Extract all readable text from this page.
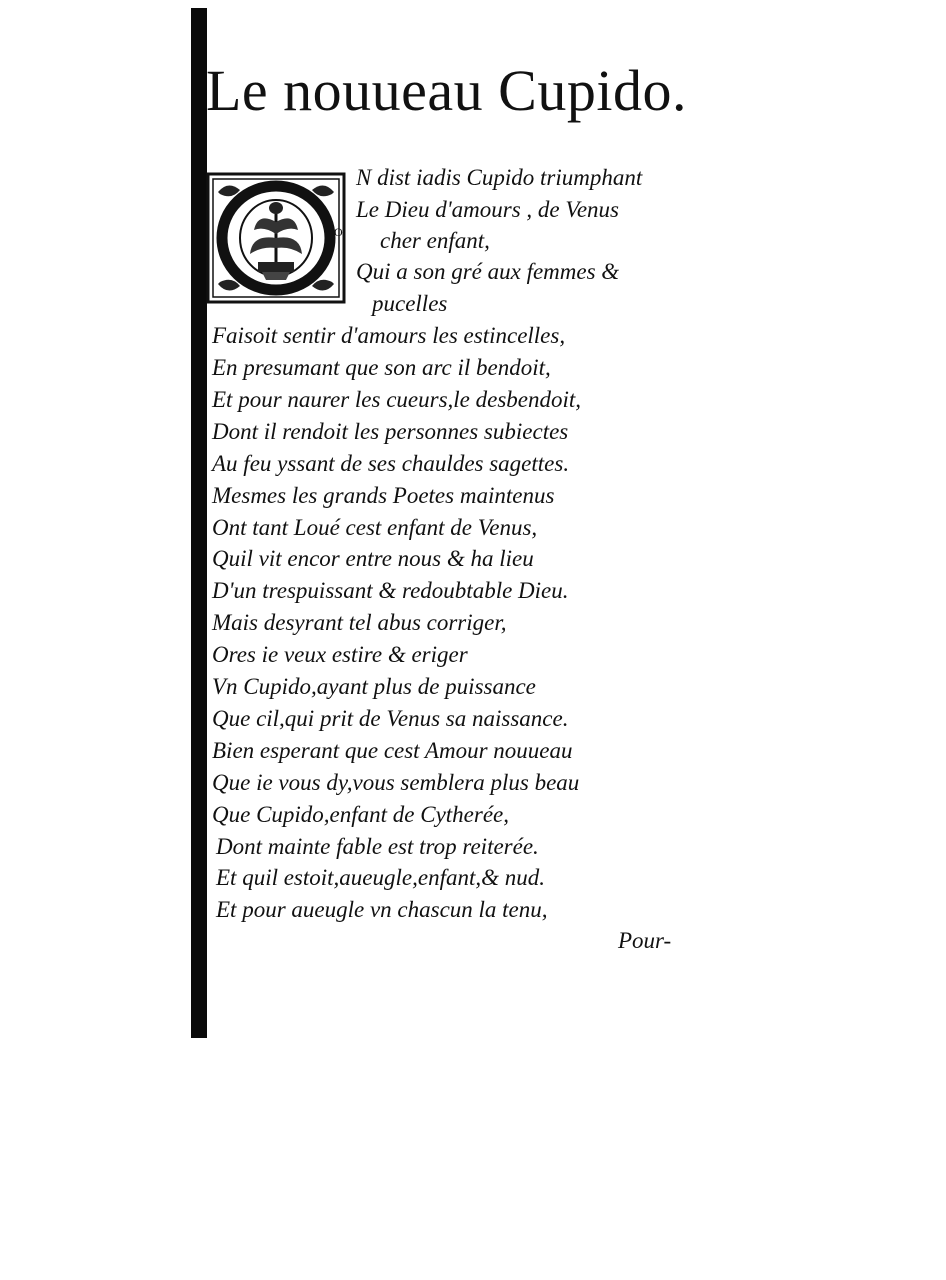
Le nouueau Cupido.
O
N dist iadis Cupido triumphant
Le Dieu d'amours , de Venus
cher enfant,
Qui a son gré aux femmes &
pucelles
Faisoit sentir d'amours les estincelles,
En presumant que son arc il bendoit,
Et pour naurer les cueurs,le desbendoit,
Dont il rendoit les personnes subiectes
Au feu yssant de ses chauldes sagettes.
Mesmes les grands Poetes maintenus
Ont tant Loué cest enfant de Venus,
Quil vit encor entre nous & ha lieu
D'un trespuissant & redoubtable Dieu.
Mais desyrant tel abus corriger,
Ores ie veux estire & eriger
Vn Cupido,ayant plus de puissance
Que cil,qui prit de Venus sa naissance.
Bien esperant que cest Amour nouueau
Que ie vous dy,vous semblera plus beau
Que Cupido,enfant de Cytherée,
Dont mainte fable est trop reiterée.
Et quil estoit,aueugle,enfant,& nud.
Et pour aueugle vn chascun la tenu,
Pour-
